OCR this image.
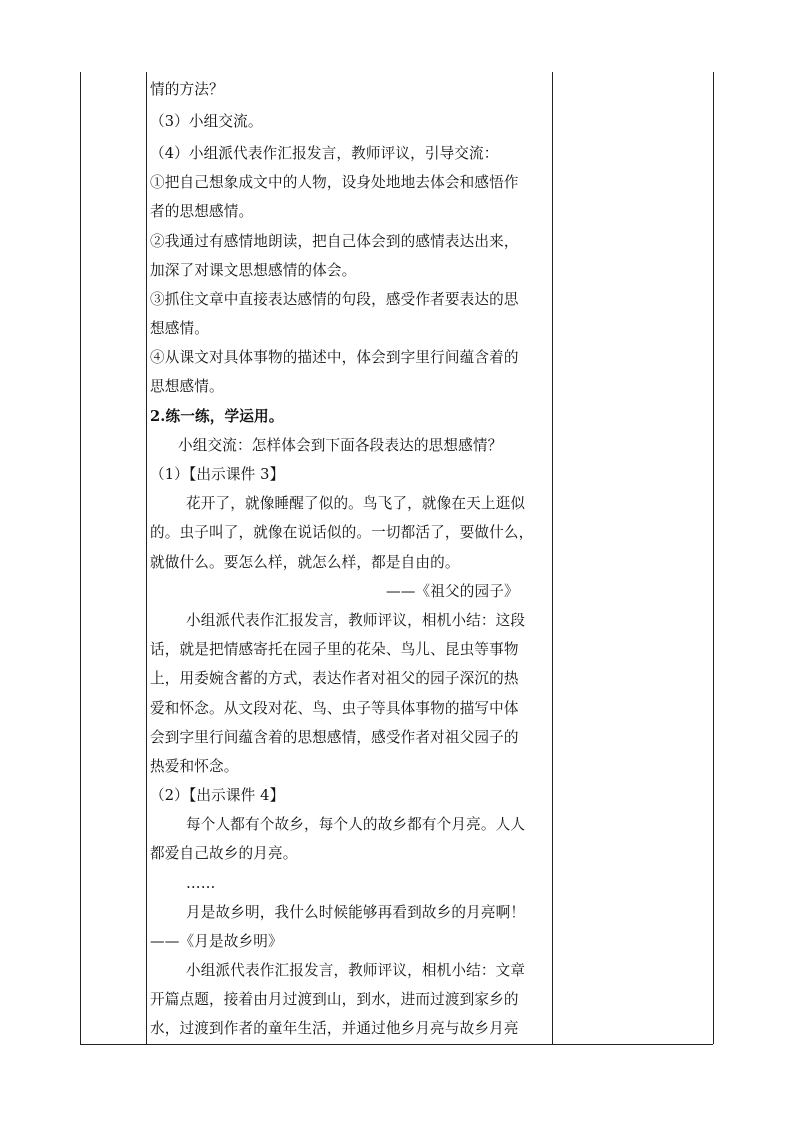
情的方法？
（3）小组交流。
（4）小组派代表作汇报发言，教师评议，引导交流：
①把自己想象成文中的人物，设身处地地去体会和感悟作
者的思想感情。
②我通过有感情地朗读，把自己体会到的感情表达出来，
加深了对课文思想感情的体会。
③抓住文章中直接表达感情的句段，感受作者要表达的思
想感情。
④从课文对具体事物的描述中，体会到字里行间蕴含着的
思想感情。
2.练一练，学运用。
小组交流：怎样体会到下面各段表达的思想感情？
（1）【出示课件 3】
花开了，就像睡醒了似的。鸟飞了，就像在天上逛似
的。虫子叫了，就像在说话似的。一切都活了，要做什么，
就做什么。要怎么样，就怎么样，都是自由的。
——《祖父的园子》
小组派代表作汇报发言，教师评议，相机小结：这段
话，就是把情感寄托在园子里的花朵、鸟儿、昆虫等事物
上，用委婉含蓄的方式，表达作者对祖父的园子深沉的热
爱和怀念。从文段对花、鸟、虫子等具体事物的描写中体
会到字里行间蕴含着的思想感情，感受作者对祖父园子的
热爱和怀念。
（2）【出示课件 4】
每个人都有个故乡，每个人的故乡都有个月亮。人人
都爱自己故乡的月亮。
……
月是故乡明，我什么时候能够再看到故乡的月亮啊！
——《月是故乡明》
小组派代表作汇报发言，教师评议，相机小结：文章
开篇点题，接着由月过渡到山，到水，进而过渡到家乡的
水，过渡到作者的童年生活，并通过他乡月亮与故乡月亮
